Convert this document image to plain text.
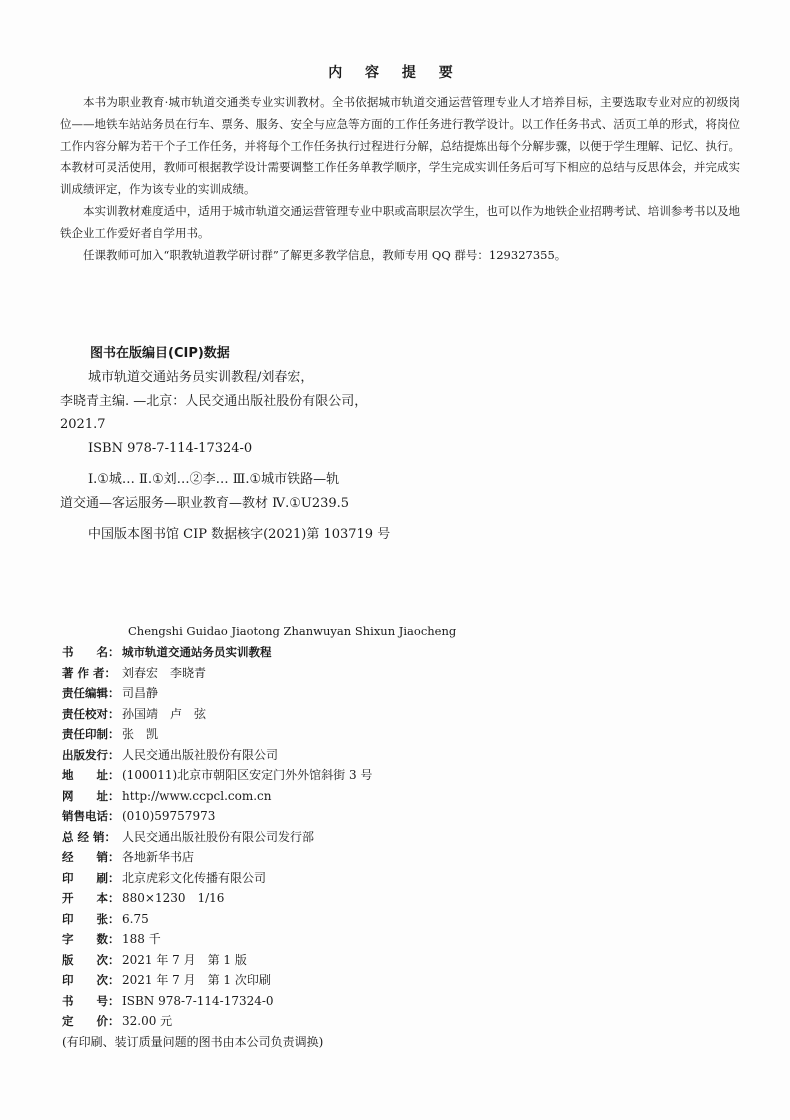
内 容 提 要

本书为职业教育·城市轨道交通类专业实训教材。全书依据城市轨道交通运营管理专业人才培养目标，主要选取专业对应的初级岗位——地铁车站站务员在行车、票务、服务、安全与应急等方面的工作任务进行教学设计。以工作任务书式、活页工单的形式，将岗位工作内容分解为若干个子工作任务，并将每个工作任务执行过程进行分解，总结提炼出每个分解步骤，以便于学生理解、记忆、执行。本教材可灵活使用，教师可根据教学设计需要调整工作任务单教学顺序，学生完成实训任务后可写下相应的总结与反思体会，并完成实训成绩评定，作为该专业的实训成绩。

本实训教材难度适中，适用于城市轨道交通运营管理专业中职或高职层次学生，也可以作为地铁企业招聘考试、培训参考书以及地铁企业工作爱好者自学用书。

任课教师可加入“职教轨道教学研讨群”了解更多教学信息，教师专用 QQ 群号：129327355。

图书在版编目(CIP)数据
城市轨道交通站务员实训教程/刘春宏，
李晓青主编. —北京：人民交通出版社股份有限公司，
2021.7
ISBN 978-7-114-17324-0
Ⅰ.①城… Ⅱ.①刘…②李… Ⅲ.①城市铁路—轨
道交通—客运服务—职业教育—教材 Ⅳ.①U239.5
中国版本图书馆 CIP 数据核字(2021)第 103719 号
Chengshi Guidao Jiaotong Zhanwuyan Shixun Jiaocheng
书　　名： 城市轨道交通站务员实训教程
著 作 者： 刘春宏　李晓青
责任编辑： 司昌静
责任校对： 孙国靖　卢　弦
责任印制： 张　凯
出版发行： 人民交通出版社股份有限公司
地　　址： (100011)北京市朝阳区安定门外外馆斜街 3 号
网　　址： http://www.ccpcl.com.cn
销售电话： (010)59757973
总 经 销： 人民交通出版社股份有限公司发行部
经　　销： 各地新华书店
印　　刷： 北京虎彩文化传播有限公司
开　　本： 880×1230　1/16
印　　张： 6.75
字　　数： 188 千
版　　次： 2021 年 7 月　第 1 版
印　　次： 2021 年 7 月　第 1 次印刷
书　　号： ISBN 978-7-114-17324-0
定　　价： 32.00 元
(有印刷、装订质量问题的图书由本公司负责调换)
